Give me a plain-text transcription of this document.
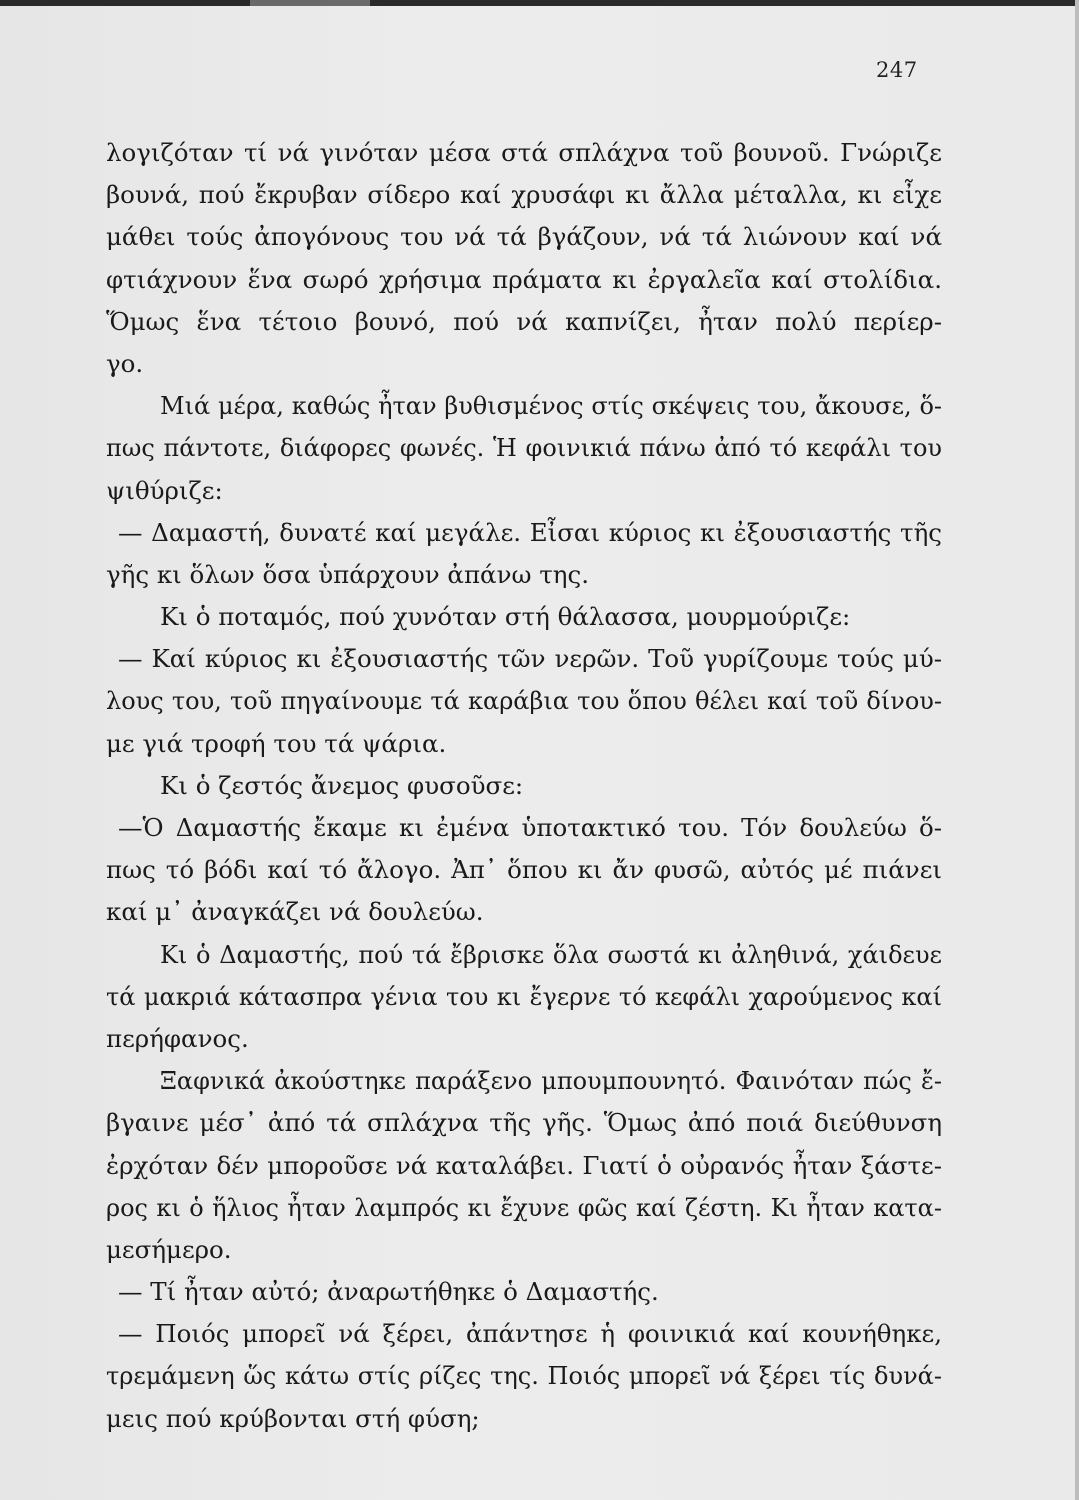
247
λογιζόταν τί νά γινόταν μέσα στά σπλάχνα τοῦ βουνοῦ. Γνώριζε
βουνά, πού ἔκρυβαν σίδερο καί χρυσάφι κι ἄλλα μέταλλα, κι εἶχε
μάθει τούς ἀπογόνους του νά τά βγάζουν, νά τά λιώνουν καί νά
φτιάχνουν ἕνα σωρό χρήσιμα πράματα κι ἐργαλεῖα καί στολίδια.
Ὅμως ἕνα τέτοιο βουνό, πού νά καπνίζει, ἦταν πολύ περίερ-
γο.
Μιά μέρα, καθώς ἦταν βυθισμένος στίς σκέψεις του, ἄκουσε, ὅ-
πως πάντοτε, διάφορες φωνές. Ἡ φοινικιά πάνω ἀπό τό κεφάλι του
ψιθύριζε:
— Δαμαστή, δυνατέ καί μεγάλε. Εἶσαι κύριος κι ἐξουσιαστής τῆς
γῆς κι ὅλων ὅσα ὑπάρχουν ἀπάνω της.
Κι ὁ ποταμός, πού χυνόταν στή θάλασσα, μουρμούριζε:
— Καί κύριος κι ἐξουσιαστής τῶν νερῶν. Τοῦ γυρίζουμε τούς μύ-
λους του, τοῦ πηγαίνουμε τά καράβια του ὅπου θέλει καί τοῦ δίνου-
με γιά τροφή του τά ψάρια.
Κι ὁ ζεστός ἄνεμος φυσοῦσε:
—Ὁ Δαμαστής ἔκαμε κι ἐμένα ὑποτακτικό του. Τόν δουλεύω ὅ-
πως τό βόδι καί τό ἄλογο. Ἀπ᾿ ὅπου κι ἄν φυσῶ, αὐτός μέ πιάνει
καί μ᾿ ἀναγκάζει νά δουλεύω.
Κι ὁ Δαμαστής, πού τά ἔβρισκε ὅλα σωστά κι ἀληθινά, χάιδευε
τά μακριά κάτασπρα γένια του κι ἔγερνε τό κεφάλι χαρούμενος καί
περήφανος.
Ξαφνικά ἀκούστηκε παράξενο μπουμπουνητό. Φαινόταν πώς ἔ-
βγαινε μέσ᾿ ἀπό τά σπλάχνα τῆς γῆς. Ὅμως ἀπό ποιά διεύθυνση
ἐρχόταν δέν μποροῦσε νά καταλάβει. Γιατί ὁ οὐρανός ἦταν ξάστε-
ρος κι ὁ ἥλιος ἦταν λαμπρός κι ἔχυνε φῶς καί ζέστη. Κι ἦταν κατα-
μεσήμερο.
— Τί ἦταν αὐτό; ἀναρωτήθηκε ὁ Δαμαστής.
— Ποιός μπορεῖ νά ξέρει, ἀπάντησε ἡ φοινικιά καί κουνήθηκε,
τρεμάμενη ὥς κάτω στίς ρίζες της. Ποιός μπορεῖ νά ξέρει τίς δυνά-
μεις πού κρύβονται στή φύση;
